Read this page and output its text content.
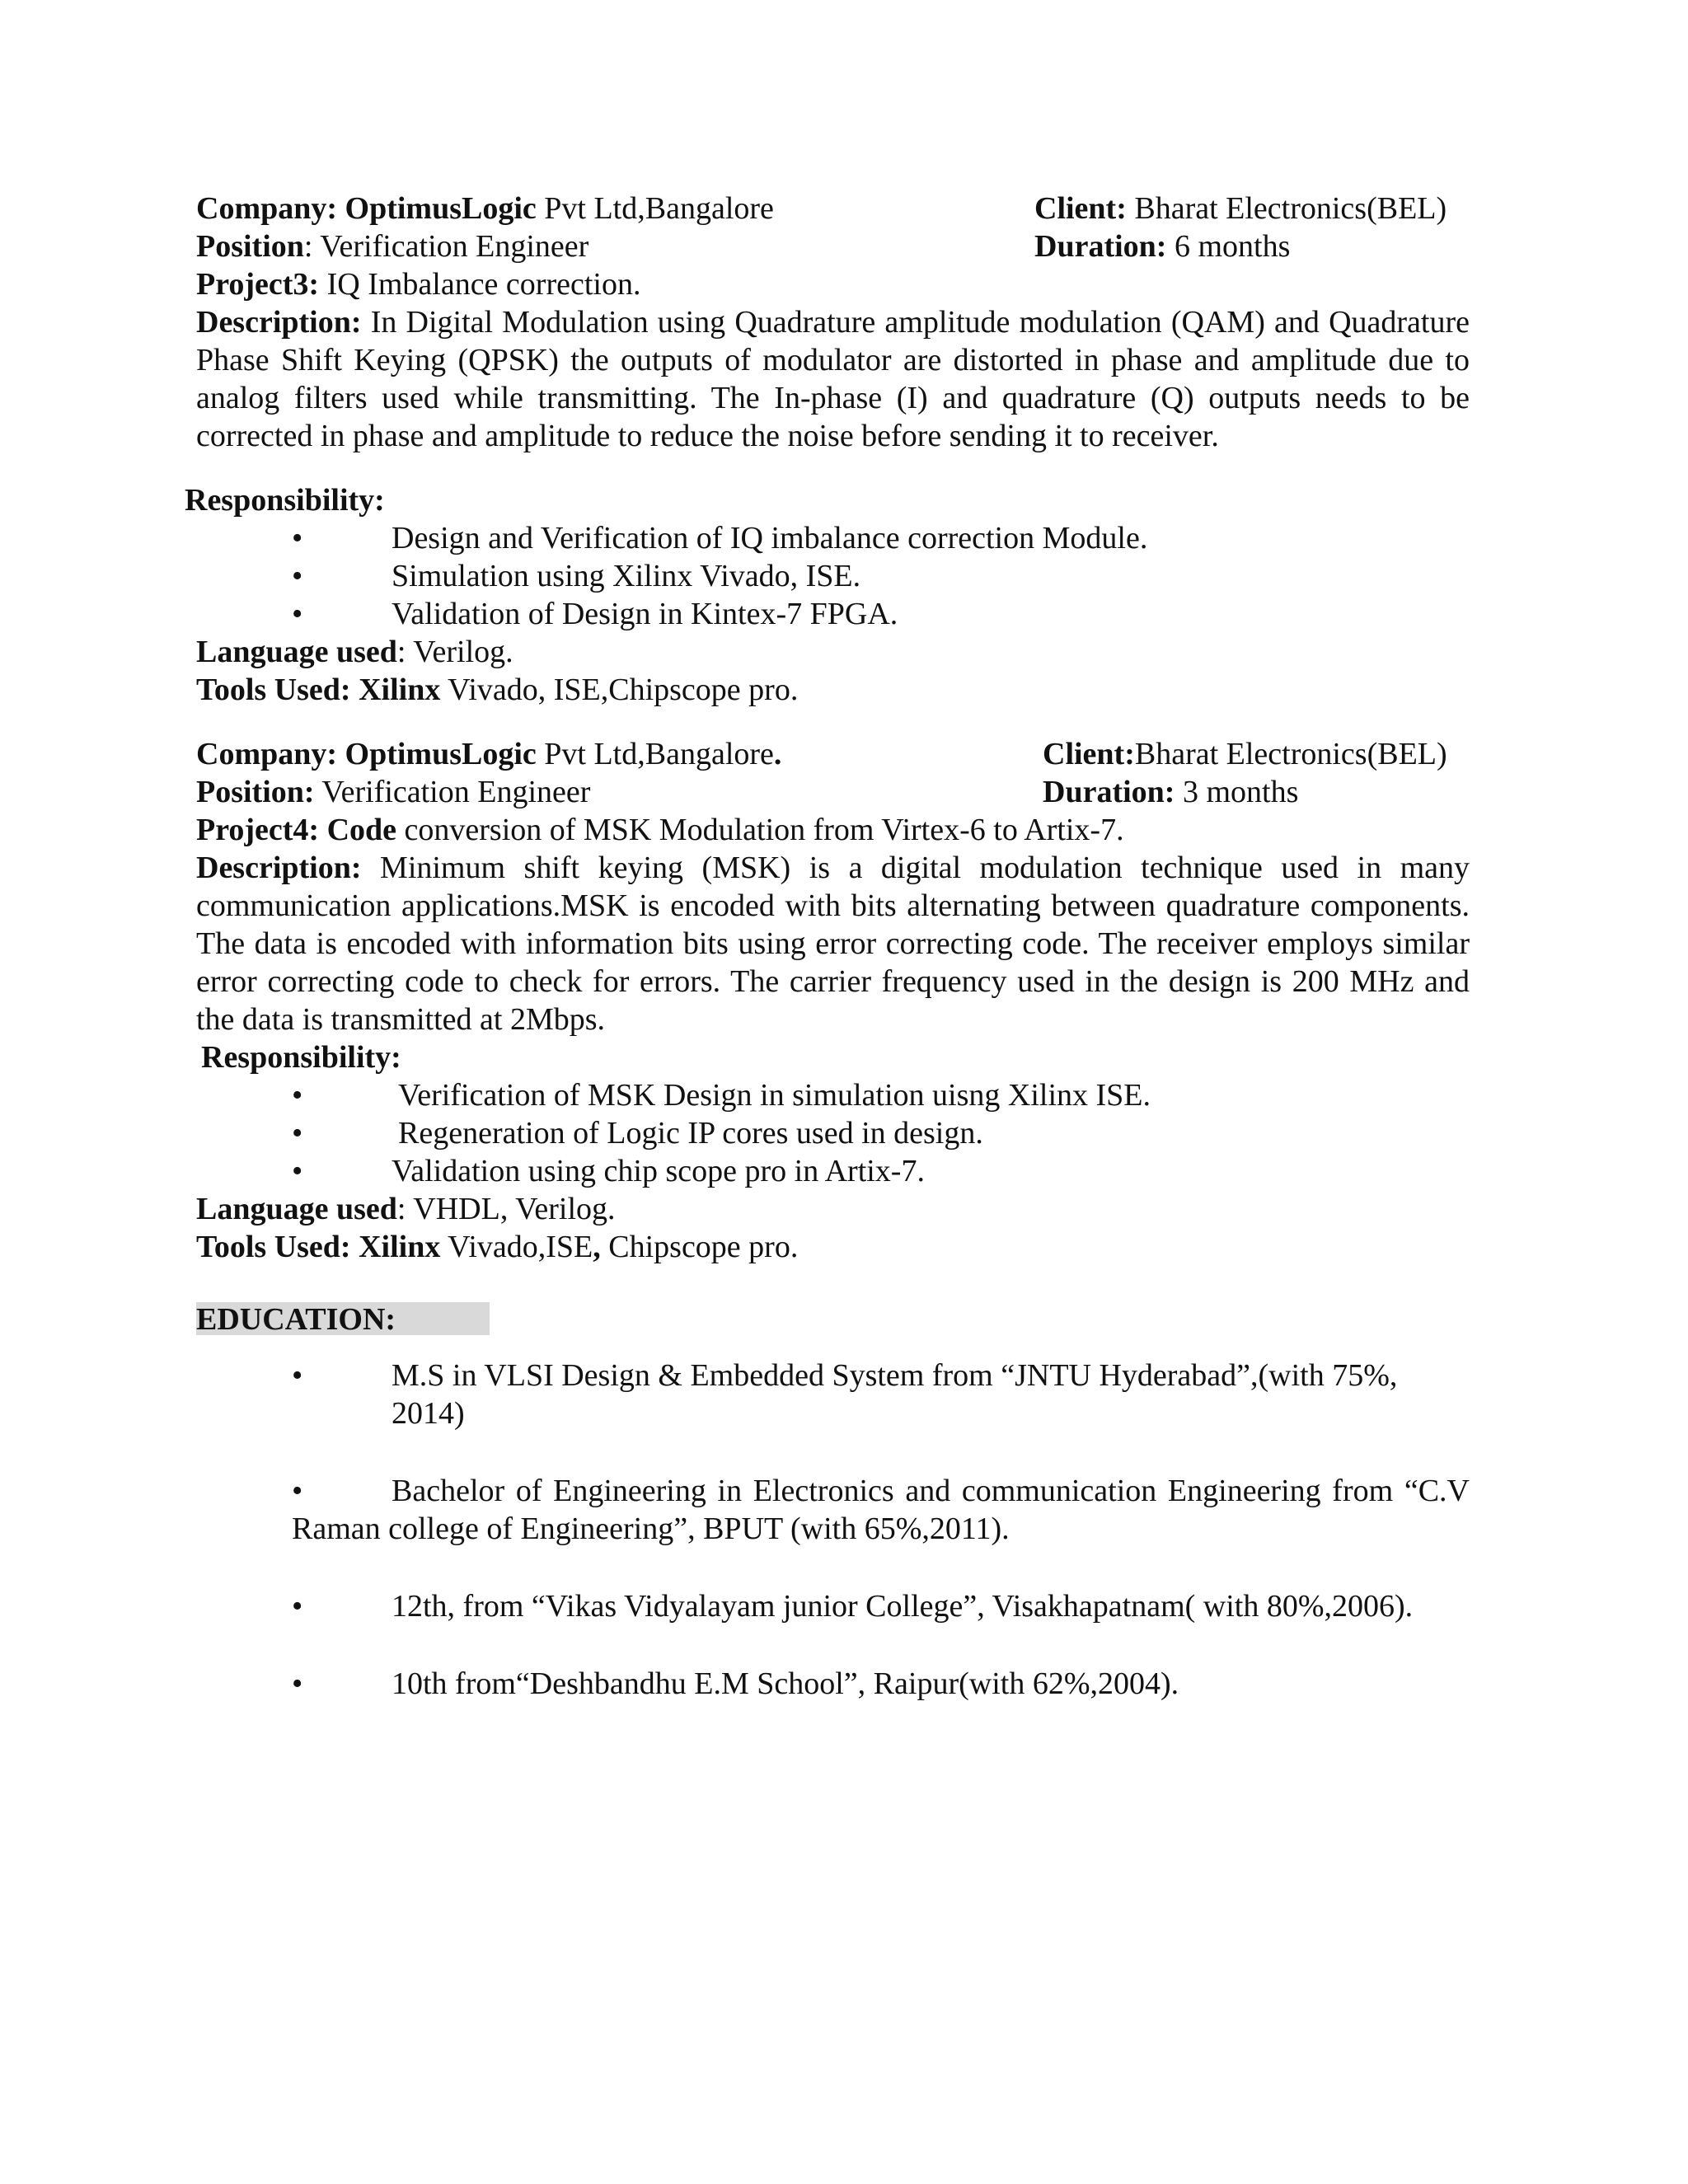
Company: OptimusLogic Pvt Ltd,Bangalore	Client: Bharat Electronics(BEL)
Position: Verification Engineer	Duration: 6 months
Project3: IQ Imbalance correction.
Description: In Digital Modulation using Quadrature amplitude modulation (QAM) and Quadrature Phase Shift Keying (QPSK) the outputs of modulator are distorted in phase and amplitude due to analog filters used while transmitting. The In-phase (I) and quadrature (Q) outputs needs to be corrected in phase and amplitude to reduce the noise before sending it to receiver.
Responsibility:
•	Design and Verification of IQ imbalance correction Module.
•	Simulation using Xilinx Vivado, ISE.
•	Validation of Design in Kintex-7 FPGA.
Language used: Verilog.
Tools Used: Xilinx Vivado, ISE,Chipscope pro.
Company: OptimusLogic Pvt Ltd,Bangalore.	Client:Bharat Electronics(BEL)
Position: Verification Engineer	Duration: 3 months
Project4: Code conversion of MSK Modulation from Virtex-6 to Artix-7.
Description: Minimum shift keying (MSK) is a digital modulation technique used in many communication applications.MSK is encoded with bits alternating between quadrature components. The data is encoded with information bits using error correcting code. The receiver employs similar error correcting code to check for errors. The carrier frequency used in the design is 200 MHz and the data is transmitted at 2Mbps.
Responsibility:
•	Verification of MSK Design in simulation uisng Xilinx ISE.
•	Regeneration of Logic IP cores used in design.
•	Validation using chip scope pro in Artix-7.
Language used: VHDL, Verilog.
Tools Used: Xilinx Vivado,ISE, Chipscope pro.
EDUCATION:
•	M.S in VLSI Design & Embedded System from “JNTU Hyderabad”,(with 75%, 2014)
•	Bachelor of Engineering in Electronics and communication Engineering from “C.V Raman college of Engineering”, BPUT (with 65%,2011).
•	12th, from “Vikas Vidyalayam junior College”, Visakhapatnam( with 80%,2006).
•	10th from“Deshbandhu E.M School”, Raipur(with 62%,2004).
